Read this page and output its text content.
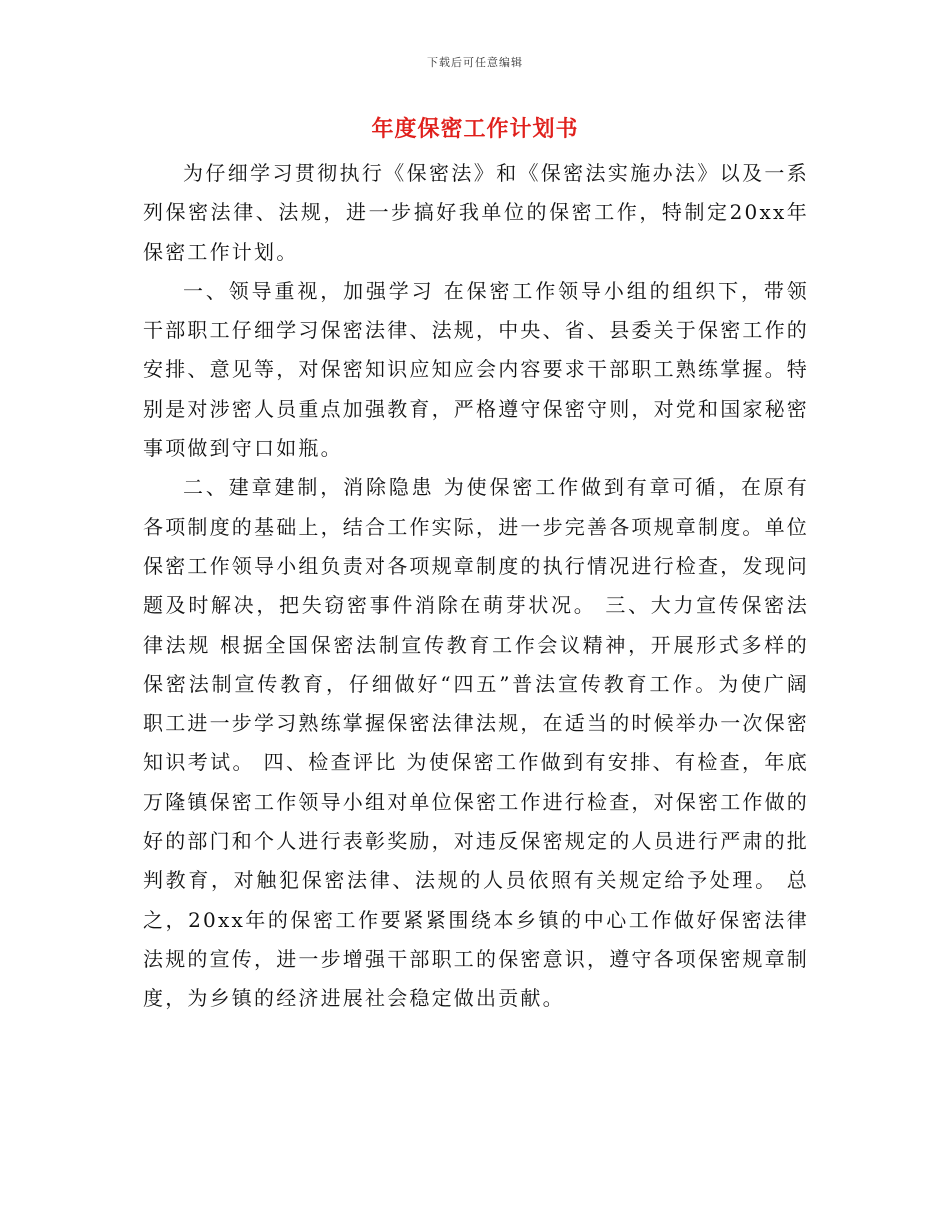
下载后可任意编辑
年度保密工作计划书

为仔细学习贯彻执行《保密法》和《保密法实施办法》以及一系列保密法律、法规，进一步搞好我单位的保密工作，特制定20xx年保密工作计划。

一、领导重视，加强学习 在保密工作领导小组的组织下，带领干部职工仔细学习保密法律、法规，中央、省、县委关于保密工作的安排、意见等，对保密知识应知应会内容要求干部职工熟练掌握。特别是对涉密人员重点加强教育，严格遵守保密守则，对党和国家秘密事项做到守口如瓶。

二、建章建制，消除隐患 为使保密工作做到有章可循，在原有各项制度的基础上，结合工作实际，进一步完善各项规章制度。单位保密工作领导小组负责对各项规章制度的执行情况进行检查，发现问题及时解决，把失窃密事件消除在萌芽状况。 三、大力宣传保密法律法规 根据全国保密法制宣传教育工作会议精神，开展形式多样的保密法制宣传教育，仔细做好“四五”普法宣传教育工作。为使广阔职工进一步学习熟练掌握保密法律法规，在适当的时候举办一次保密知识考试。 四、检查评比 为使保密工作做到有安排、有检查，年底万隆镇保密工作领导小组对单位保密工作进行检查，对保密工作做的好的部门和个人进行表彰奖励，对违反保密规定的人员进行严肃的批判教育，对触犯保密法律、法规的人员依照有关规定给予处理。 总之，20xx年的保密工作要紧紧围绕本乡镇的中心工作做好保密法律法规的宣传，进一步增强干部职工的保密意识，遵守各项保密规章制度，为乡镇的经济进展社会稳定做出贡献。
